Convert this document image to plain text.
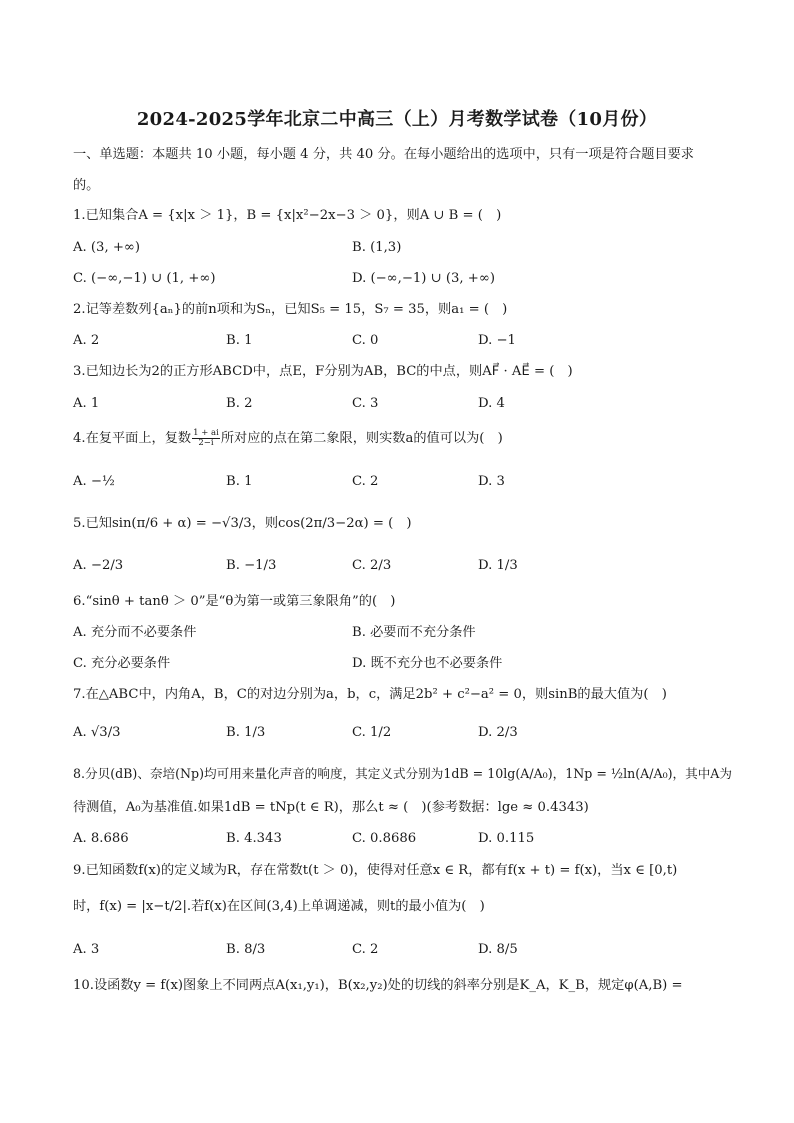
2024-2025学年北京二中高三（上）月考数学试卷（10月份）
一、单选题：本题共 10 小题，每小题 4 分，共 40 分。在每小题给出的选项中，只有一项是符合题目要求
的。
1.已知集合A = {x|x ＞ 1}，B = {x|x²−2x−3 ＞ 0}，则A ∪ B = (　)
A. (3, +∞)	B. (1,3)
C. (−∞,−1) ∪ (1, +∞)	D. (−∞,−1) ∪ (3, +∞)
2.记等差数列{aₙ}的前n项和为Sₙ，已知S₅ = 15，S₇ = 35，则a₁ = (　)
A. 2	B. 1	C. 0	D. −1
3.已知边长为2的正方形ABCD中，点E，F分别为AB，BC的中点，则AF⃗ · AE⃗ = (　)
A. 1	B. 2	C. 3	D. 4
4.在复平面上，复数 $\frac{1 + ai}{2-i}$ 所对应的点在第二象限，则实数a的值可以为(　)
A. −½	B. 1	C. 2	D. 3
5.已知sin(π/6 + α) = −√3/3，则cos(2π/3−2α) = (　)
A. −2/3	B. −1/3	C. 2/3	D. 1/3
6.“sinθ + tanθ ＞ 0”是“θ为第一或第三象限角”的(　)
A. 充分而不必要条件	B. 必要而不充分条件
C. 充分必要条件	D. 既不充分也不必要条件
7.在△ABC中，内角A，B，C的对边分别为a，b，c，满足2b² + c²−a² = 0，则sinB的最大值为(　)
A. √3/3	B. 1/3	C. 1/2	D. 2/3
8.分贝(dB)、奈培(Np)均可用来量化声音的响度，其定义式分别为1dB = 10lg(A/A₀)，1Np = ½ln(A/A₀)，其中A为
待测值，A₀为基准值.如果1dB = tNp(t ∈ R)，那么t ≈ (　)(参考数据：lge ≈ 0.4343)
A. 8.686	B. 4.343	C. 0.8686	D. 0.115
9.已知函数f(x)的定义域为R，存在常数t(t ＞ 0)，使得对任意x ∈ R，都有f(x + t) = f(x)，当x ∈ [0,t)
时，f(x) = |x−t/2|.若f(x)在区间(3,4)上单调递减，则t的最小值为(　)
A. 3	B. 8/3	C. 2	D. 8/5
10.设函数y = f(x)图象上不同两点A(x₁,y₁)，B(x₂,y₂)处的切线的斜率分别是K_A，K_B，规定φ(A,B) =
